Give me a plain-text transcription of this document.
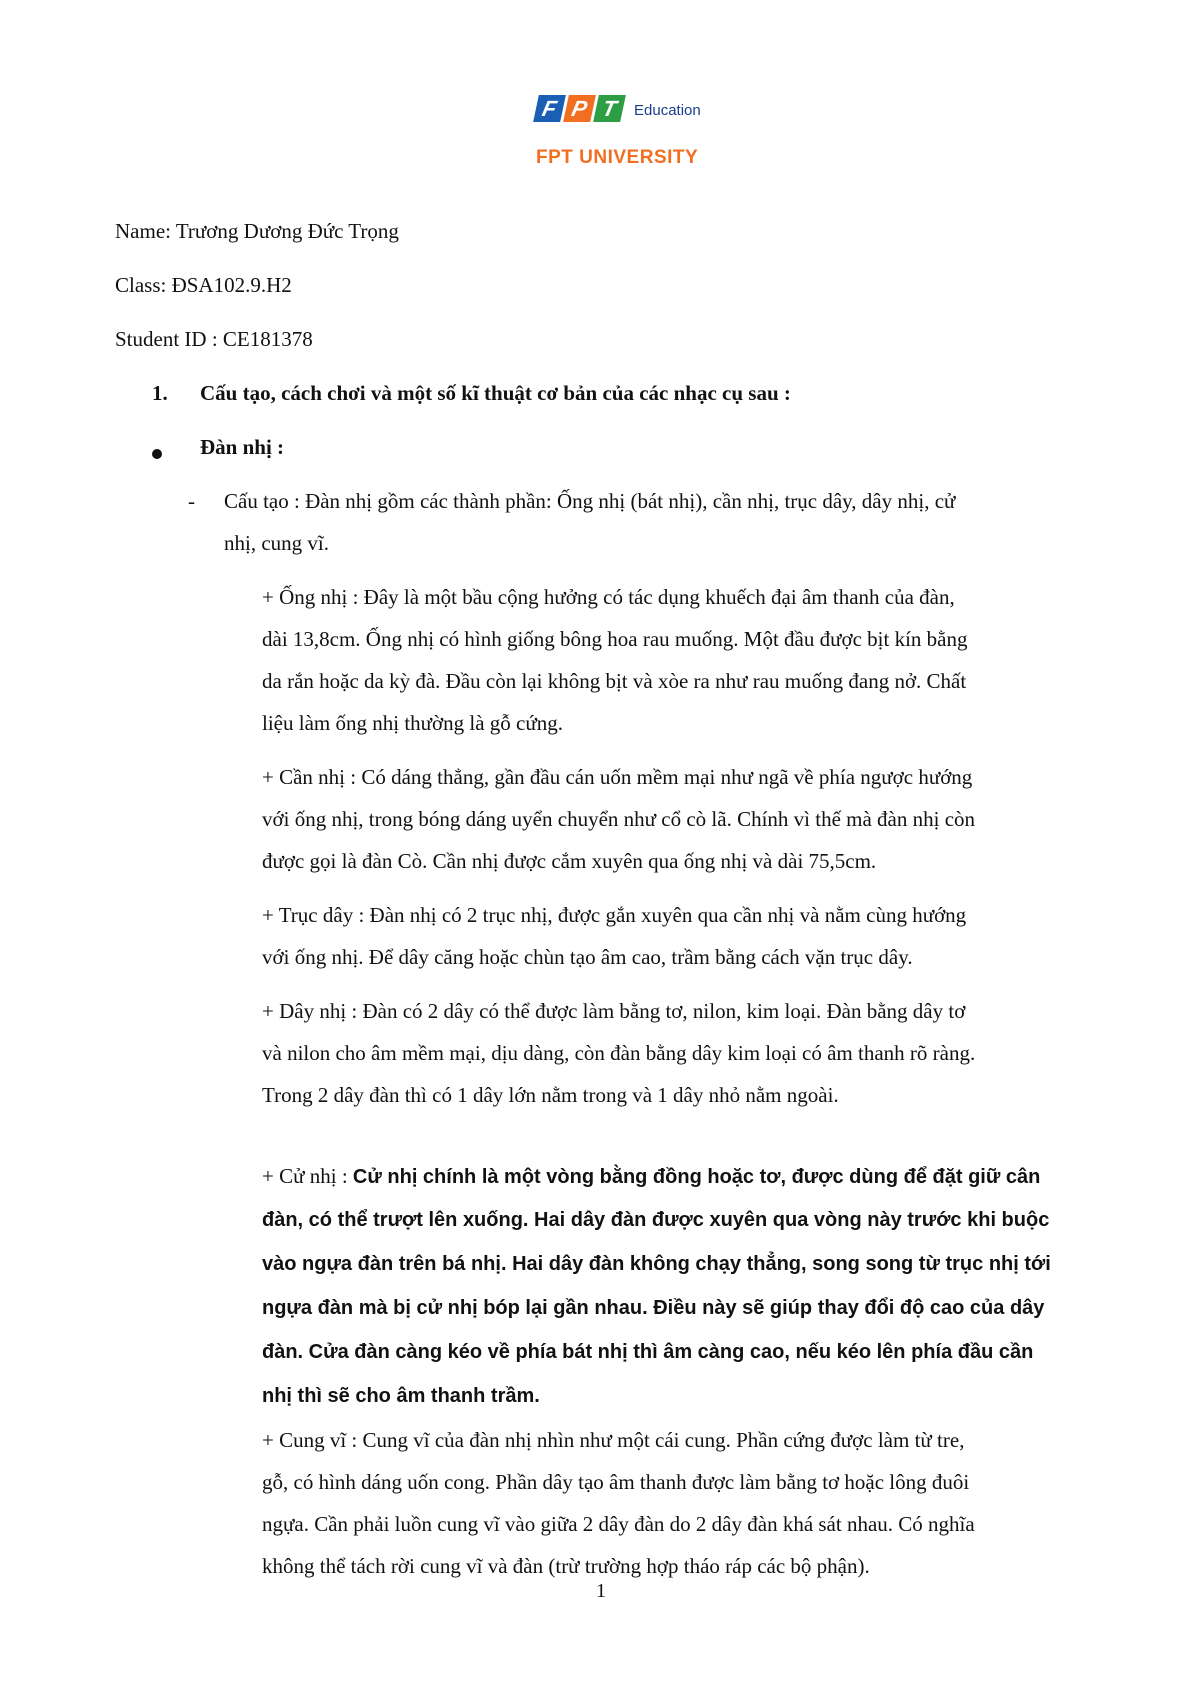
F P T	Education
FPT UNIVERSITY
Name: Trương Dương Đức Trọng
Class: ĐSA102.9.H2
Student ID : CE181378
1. Cấu tạo, cách chơi và một số kĩ thuật cơ bản của các nhạc cụ sau :
Đàn nhị :
- Cấu tạo : Đàn nhị gồm các thành phần: Ống nhị (bát nhị), cần nhị, trục dây, dây nhị, cử
nhị, cung vĩ.
+ Ống nhị : Đây là một bầu cộng hưởng có tác dụng khuếch đại âm thanh của đàn,
dài 13,8cm. Ống nhị có hình giống bông hoa rau muống. Một đầu được bịt kín bằng
da rắn hoặc da kỳ đà. Đầu còn lại không bịt và xòe ra như rau muống đang nở. Chất
liệu làm ống nhị thường là gỗ cứng.
+ Cần nhị : Có dáng thẳng, gần đầu cán uốn mềm mại như ngã về phía ngược hướng
với ống nhị, trong bóng dáng uyển chuyển như cổ cò lã. Chính vì thế mà đàn nhị còn
được gọi là đàn Cò. Cần nhị được cắm xuyên qua ống nhị và dài 75,5cm.
+ Trục dây : Đàn nhị có 2 trục nhị, được gắn xuyên qua cần nhị và nằm cùng hướng
với ống nhị. Để dây căng hoặc chùn tạo âm cao, trầm bằng cách vặn trục dây.
+ Dây nhị : Đàn có 2 dây có thể được làm bằng tơ, nilon, kim loại. Đàn bằng dây tơ
và nilon cho âm mềm mại, dịu dàng, còn đàn bằng dây kim loại có âm thanh rõ ràng.
Trong 2 dây đàn thì có 1 dây lớn nằm trong và 1 dây nhỏ nằm ngoài.
+ Cử nhị : Cử nhị chính là một vòng bằng đồng hoặc tơ, được dùng để đặt giữ cân
đàn, có thể trượt lên xuống. Hai dây đàn được xuyên qua vòng này trước khi buộc
vào ngựa đàn trên bá nhị. Hai dây đàn không chạy thẳng, song song từ trục nhị tới
ngựa đàn mà bị cử nhị bóp lại gần nhau. Điều này sẽ giúp thay đổi độ cao của dây
đàn. Cửa đàn càng kéo về phía bát nhị thì âm càng cao, nếu kéo lên phía đầu cần
nhị thì sẽ cho âm thanh trầm.
+ Cung vĩ : Cung vĩ của đàn nhị nhìn như một cái cung. Phần cứng được làm từ tre,
gỗ, có hình dáng uốn cong. Phần dây tạo âm thanh được làm bằng tơ hoặc lông đuôi
ngựa. Cần phải luồn cung vĩ vào giữa 2 dây đàn do 2 dây đàn khá sát nhau. Có nghĩa
không thể tách rời cung vĩ và đàn (trừ trường hợp tháo ráp các bộ phận).
1
